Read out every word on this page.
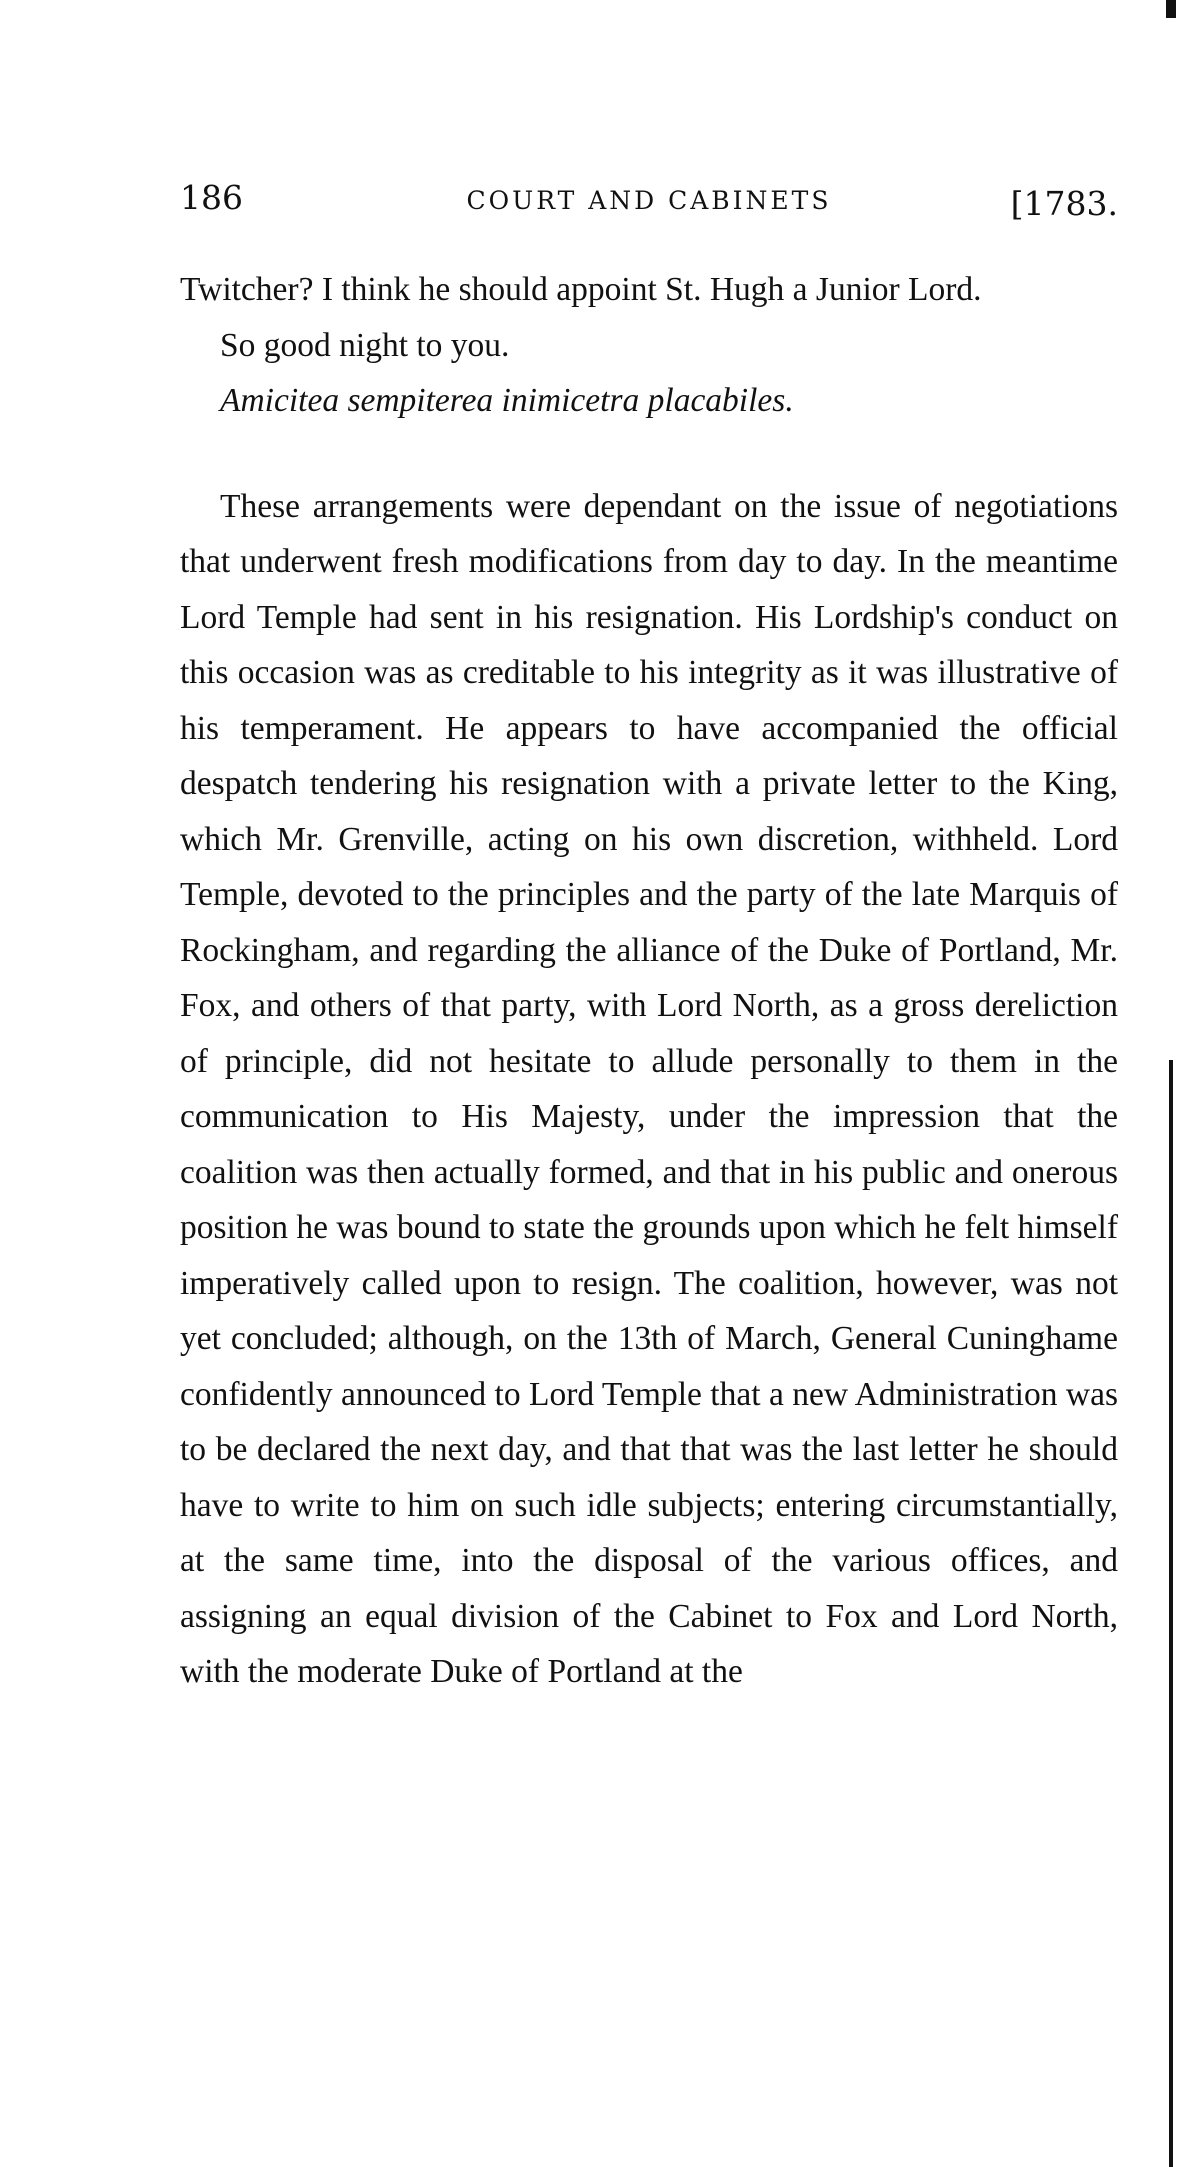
186	COURT AND CABINETS	[1783.

Twitcher? I think he should appoint St. Hugh a Junior Lord.

So good night to you.

Amicitea sempiterea inimicetra placabiles.

These arrangements were dependant on the issue of negotiations that underwent fresh modifications from day to day. In the meantime Lord Temple had sent in his resignation. His Lordship's conduct on this occasion was as creditable to his integrity as it was illustrative of his temperament. He appears to have accompanied the official despatch tendering his resignation with a private letter to the King, which Mr. Grenville, acting on his own discretion, withheld. Lord Temple, devoted to the principles and the party of the late Marquis of Rockingham, and regarding the alliance of the Duke of Portland, Mr. Fox, and others of that party, with Lord North, as a gross dereliction of principle, did not hesitate to allude personally to them in the communication to His Majesty, under the impression that the coalition was then actually formed, and that in his public and onerous position he was bound to state the grounds upon which he felt himself imperatively called upon to resign. The coalition, however, was not yet concluded; although, on the 13th of March, General Cuninghame confidently announced to Lord Temple that a new Administration was to be declared the next day, and that that was the last letter he should have to write to him on such idle subjects; entering circumstantially, at the same time, into the disposal of the various offices, and assigning an equal division of the Cabinet to Fox and Lord North, with the moderate Duke of Portland at the
